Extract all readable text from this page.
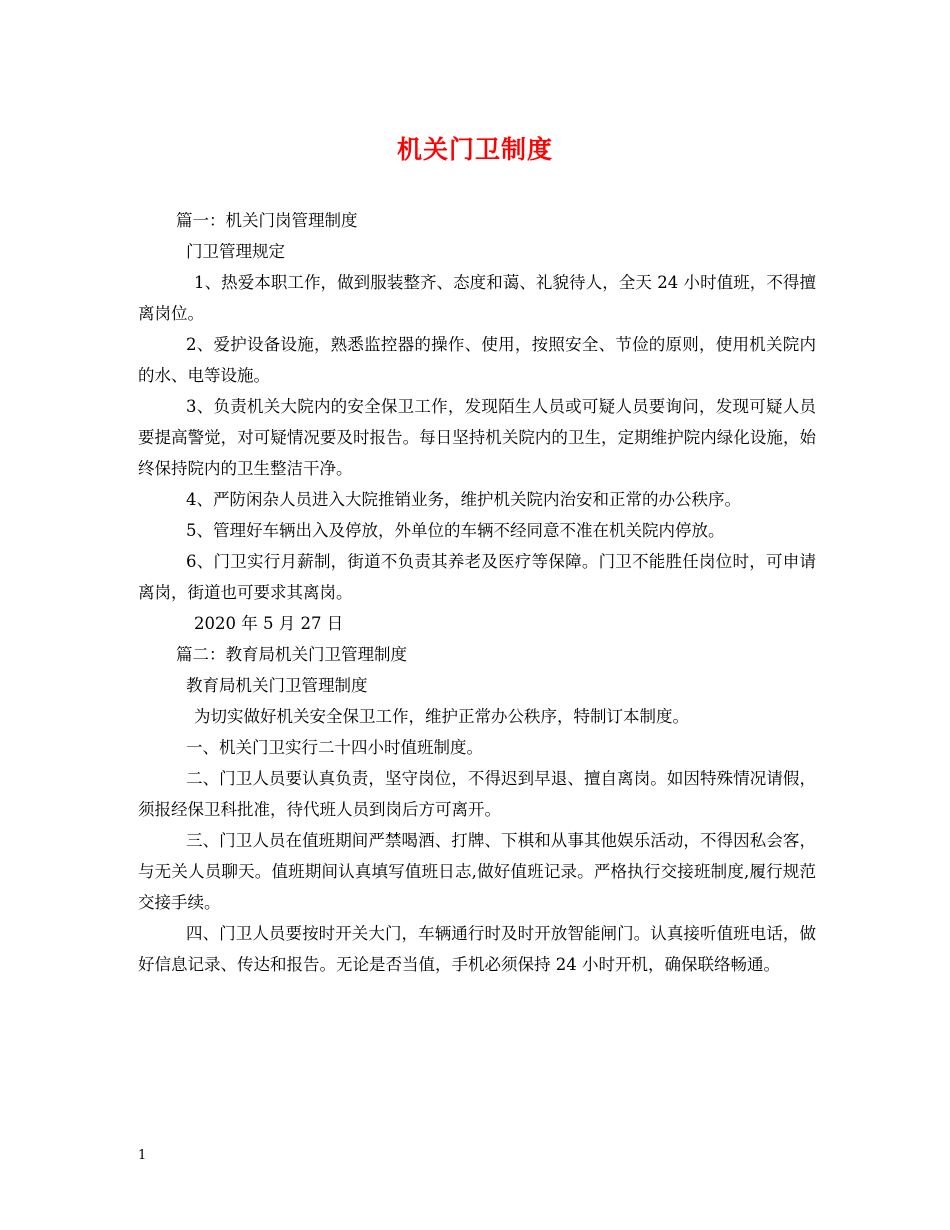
机关门卫制度

篇一：机关门岗管理制度

门卫管理规定

1、热爱本职工作，做到服装整齐、态度和蔼、礼貌待人，全天 24 小时值班，不得擅离岗位。

2、爱护设备设施，熟悉监控器的操作、使用，按照安全、节俭的原则，使用机关院内的水、电等设施。

3、负责机关大院内的安全保卫工作，发现陌生人员或可疑人员要询问，发现可疑人员要提高警觉，对可疑情况要及时报告。每日坚持机关院内的卫生，定期维护院内绿化设施，始终保持院内的卫生整洁干净。

4、严防闲杂人员进入大院推销业务，维护机关院内治安和正常的办公秩序。

5、管理好车辆出入及停放，外单位的车辆不经同意不准在机关院内停放。

6、门卫实行月薪制，街道不负责其养老及医疗等保障。门卫不能胜任岗位时，可申请离岗，街道也可要求其离岗。

2020 年 5 月 27 日

篇二：教育局机关门卫管理制度

教育局机关门卫管理制度

为切实做好机关安全保卫工作，维护正常办公秩序，特制订本制度。

一、机关门卫实行二十四小时值班制度。

二、门卫人员要认真负责，坚守岗位，不得迟到早退、擅自离岗。如因特殊情况请假，须报经保卫科批准，待代班人员到岗后方可离开。

三、门卫人员在值班期间严禁喝酒、打牌、下棋和从事其他娱乐活动，不得因私会客，与无关人员聊天。值班期间认真填写值班日志,做好值班记录。严格执行交接班制度,履行规范交接手续。

四、门卫人员要按时开关大门，车辆通行时及时开放智能闸门。认真接听值班电话，做好信息记录、传达和报告。无论是否当值，手机必须保持 24 小时开机，确保联络畅通。

1
